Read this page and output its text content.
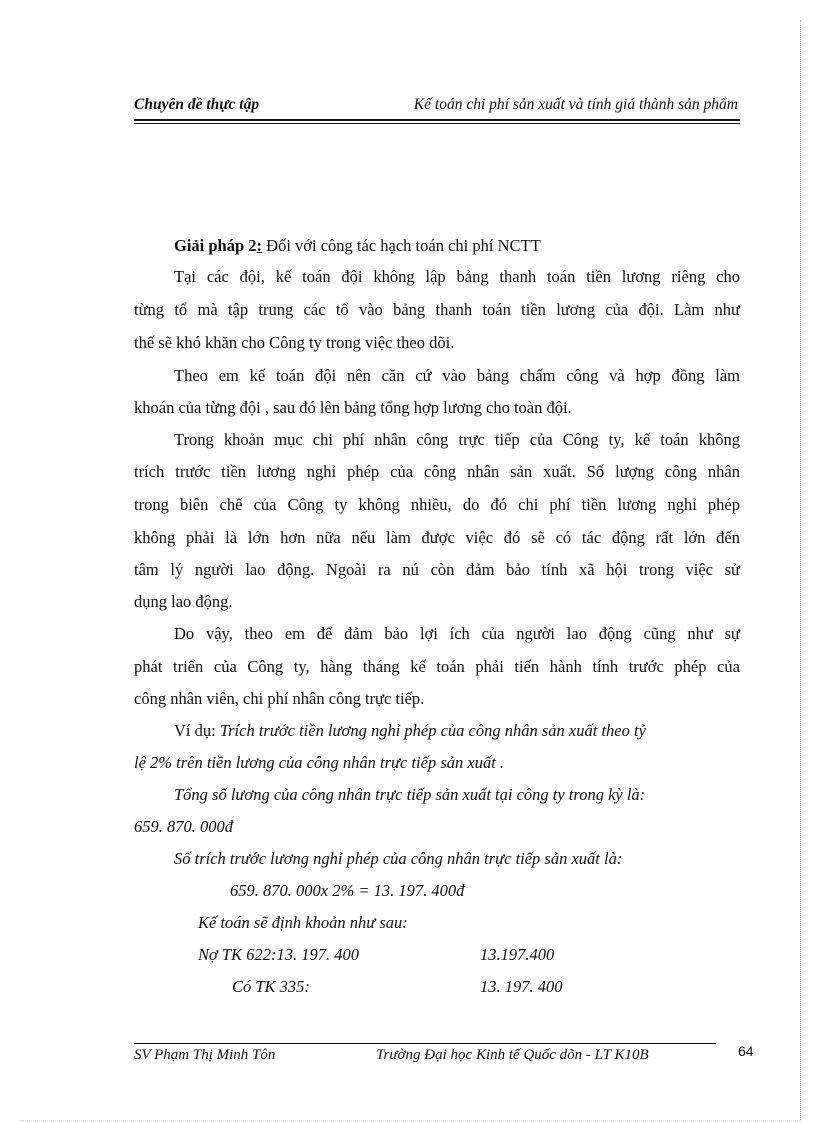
Chuyên đề thực tập	Kế toán chi phí sản xuất và tính giá thành sản phẩm
Giải pháp 2: Đối với công tác hạch toán chi phí NCTT
Tại các đội, kế toán đội không lập bảng thanh toán tiền lương riêng cho
từng tổ mà tập trung các tổ vào bảng thanh toán tiền lương của đội. Làm như
thế sẽ khó khăn cho Công ty trong việc theo dõi.
Theo em kế toán đội nên căn cứ vào bảng chấm công và hợp đồng làm
khoán của từng đội , sau đó lên bảng tổng hợp lương cho toàn đội.
Trong khoản mục chi phí nhân công trực tiếp của Công ty, kế toán không
trích trước tiền lương nghỉ phép của công nhân sản xuất. Số lượng công nhân
trong biên chế của Công ty không nhiều, do đó chi phí tiền lương nghỉ phép
không phải là lớn hơn nữa nếu làm được việc đó sẽ có tác động rất lớn đến
tâm lý người lao động. Ngoài ra nú còn đảm bảo tính xã hội trong việc sử
dụng lao động.
Do vậy, theo em để đảm bảo lợi ích của người lao động cũng như sự
phát triển của Công ty, hàng tháng kế toán phải tiến hành tính trước phép của
công nhân viên, chi phí nhân công trực tiếp.
Ví dụ: Trích trước tiền lương nghỉ phép của công nhân sản xuất theo tỷ
lệ 2% trên tiền lương của công nhân trực tiếp sản xuất .
Tổng số lương của công nhân trực tiếp sản xuất tại công ty trong kỳ là:
659. 870. 000đ
Số trích trước lương nghỉ phép của công nhân trực tiếp sản xuất là:
659. 870. 000x 2% = 13. 197. 400đ
Kế toán sẽ định khoản như sau:
Nợ TK 622:13. 197. 400	13.197.400
Có TK 335:	13. 197. 400
SV Phạm Thị Minh Tôn	Trường Đại học Kinh tế Quốc dõn - LT K10B	64
